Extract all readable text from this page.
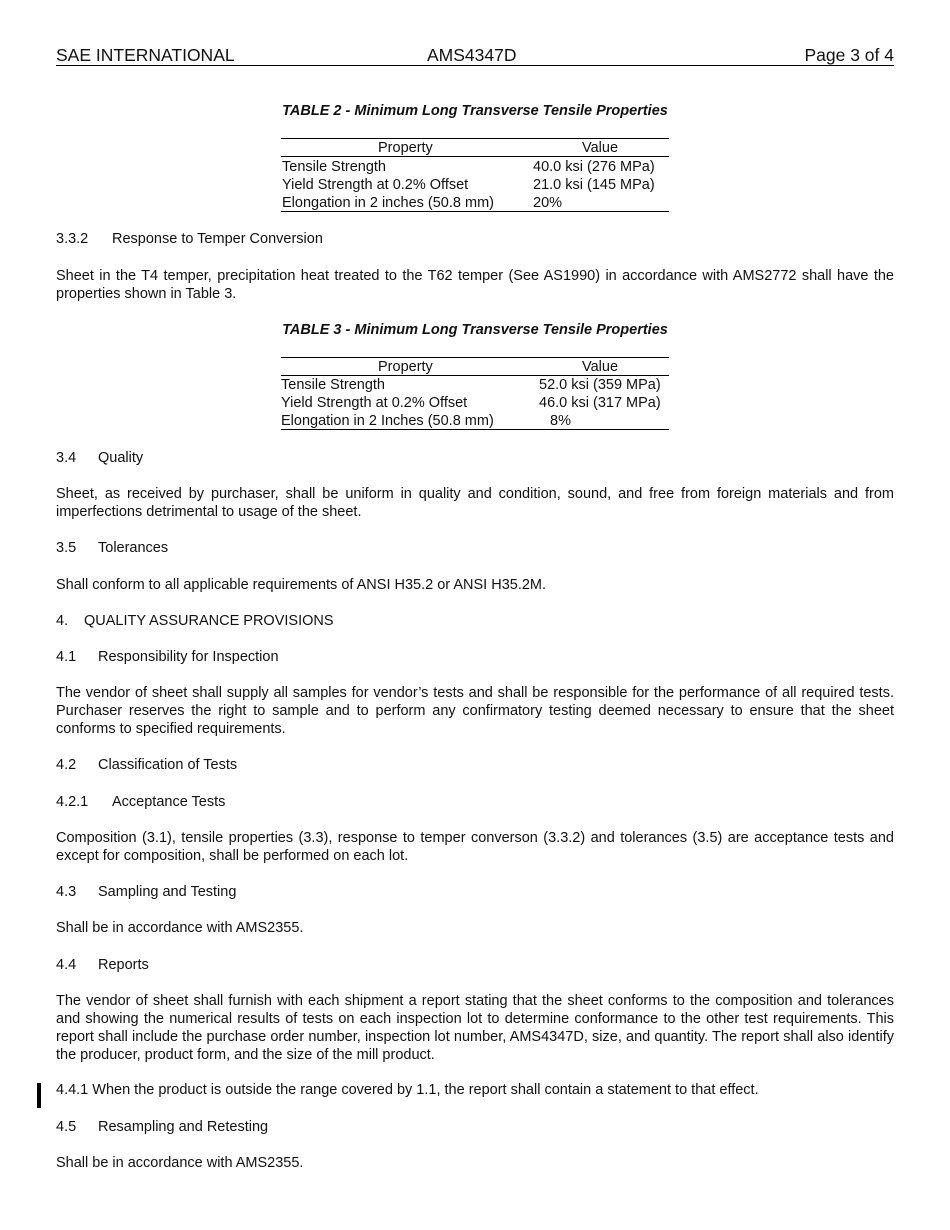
SAE INTERNATIONAL	AMS4347D	Page 3 of 4
TABLE 2 - Minimum Long Transverse Tensile Properties
Property	Value
Tensile Strength	40.0 ksi (276 MPa)
Yield Strength at 0.2% Offset	21.0 ksi (145 MPa)
Elongation in 2 inches (50.8 mm)	20%
3.3.2 Response to Temper Conversion
Sheet in the T4 temper, precipitation heat treated to the T62 temper (See AS1990) in accordance with AMS2772 shall have the properties shown in Table 3.
TABLE 3 - Minimum Long Transverse Tensile Properties
Property	Value
Tensile Strength	52.0 ksi (359 MPa)
Yield Strength at 0.2% Offset	46.0 ksi (317 MPa)
Elongation in 2 Inches (50.8 mm)	8%
3.4 Quality
Sheet, as received by purchaser, shall be uniform in quality and condition, sound, and free from foreign materials and from imperfections detrimental to usage of the sheet.
3.5 Tolerances
Shall conform to all applicable requirements of ANSI H35.2 or ANSI H35.2M.
4. QUALITY ASSURANCE PROVISIONS
4.1 Responsibility for Inspection
The vendor of sheet shall supply all samples for vendor’s tests and shall be responsible for the performance of all required tests. Purchaser reserves the right to sample and to perform any confirmatory testing deemed necessary to ensure that the sheet conforms to specified requirements.
4.2 Classification of Tests
4.2.1 Acceptance Tests
Composition (3.1), tensile properties (3.3), response to temper converson (3.3.2) and tolerances (3.5) are acceptance tests and except for composition, shall be performed on each lot.
4.3 Sampling and Testing
Shall be in accordance with AMS2355.
4.4 Reports
The vendor of sheet shall furnish with each shipment a report stating that the sheet conforms to the composition and tolerances and showing the numerical results of tests on each inspection lot to determine conformance to the other test requirements. This report shall include the purchase order number, inspection lot number, AMS4347D, size, and quantity. The report shall also identify the producer, product form, and the size of the mill product.
4.4.1 When the product is outside the range covered by 1.1, the report shall contain a statement to that effect.
4.5 Resampling and Retesting
Shall be in accordance with AMS2355.
